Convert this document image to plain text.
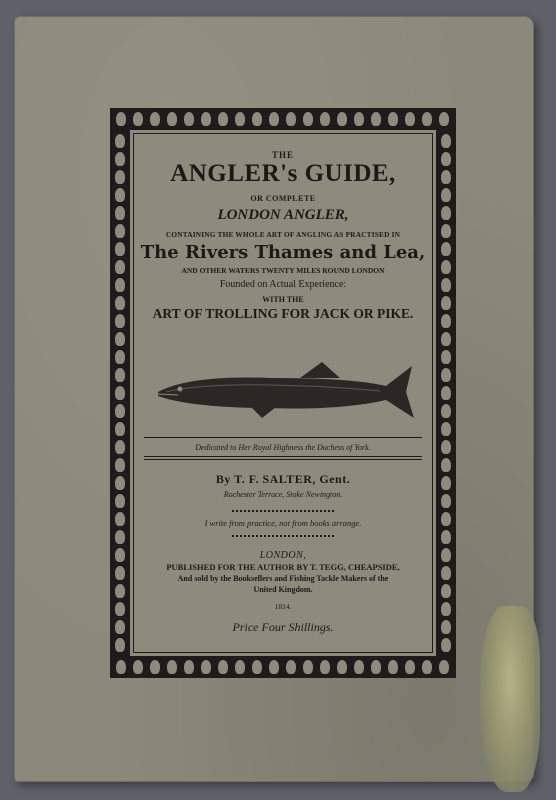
THE
ANGLER's GUIDE,
OR COMPLETE
LONDON ANGLER,
CONTAINING THE WHOLE ART OF ANGLING AS PRACTISED IN
The Rivers Thames and Lea,
AND OTHER WATERS TWENTY MILES ROUND LONDON
Founded on Actual Experience:
WITH THE
ART OF TROLLING FOR JACK OR PIKE.
Dedicated to Her Royal Highness the Duchess of York.
By T. F. SALTER, Gent.
Rochester Terrace, Stoke Newington.
I write from practice, not from books arrange.
LONDON,
PUBLISHED FOR THE AUTHOR BY T. TEGG, CHEAPSIDE,
And sold by the Booksellers and Fishing Tackle Makers of the
United Kingdom.
1814.
Price Four Shillings.
